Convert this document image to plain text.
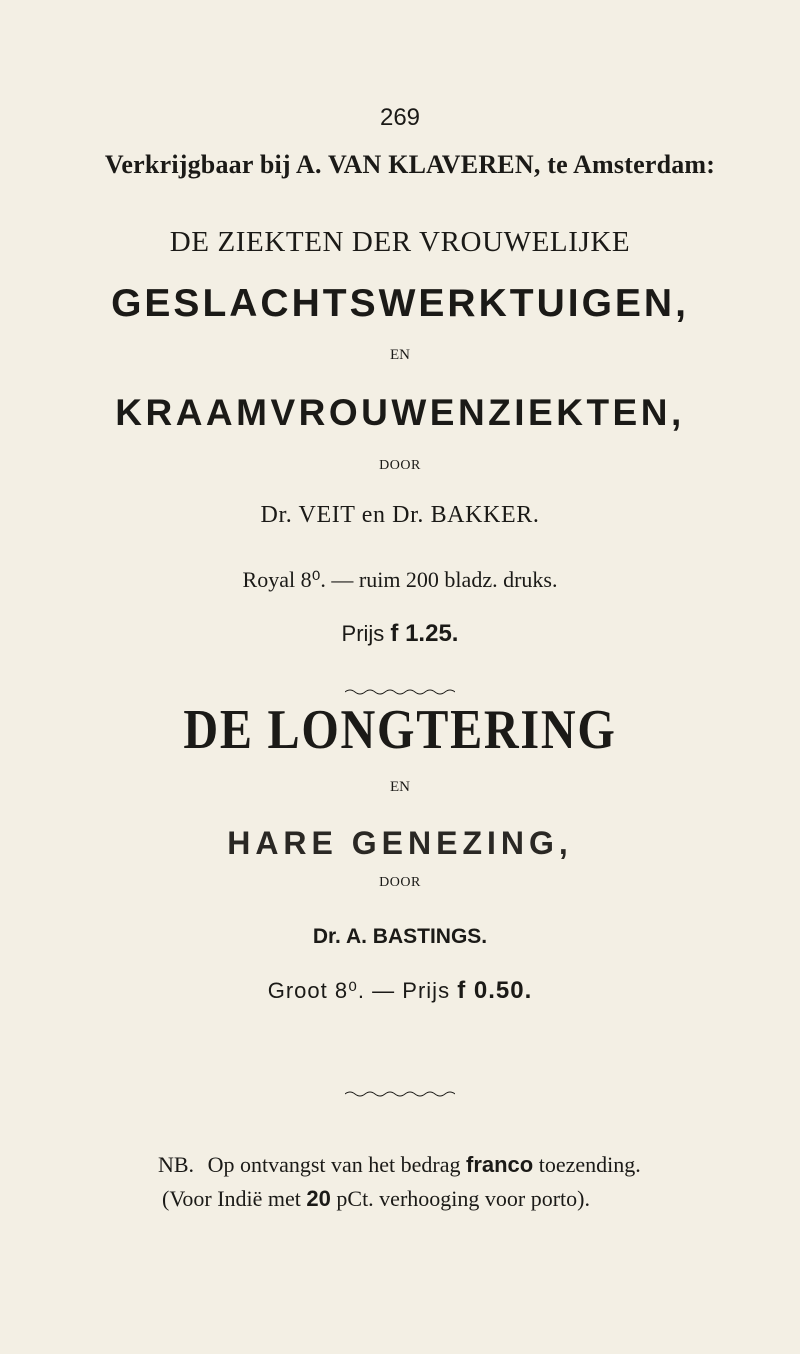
269
Verkrijgbaar bij A. VAN KLAVEREN, te Amsterdam:
DE ZIEKTEN DER VROUWELIJKE
GESLACHTSWERKTUIGEN,
EN
KRAAMVROUWENZIEKTEN,
DOOR
Dr. VEIT en Dr. BAKKER.
Royal 8⁰. — ruim 200 bladz. druks.
Prijs f 1.25.
DE LONGTERING
EN
HARE GENEZING,
DOOR
Dr. A. BASTINGS.
Groot 8⁰. — Prijs f 0.50.
NB. Op ontvangst van het bedrag franco toezending.
(Voor Indië met 20 pCt. verhooging voor porto).
